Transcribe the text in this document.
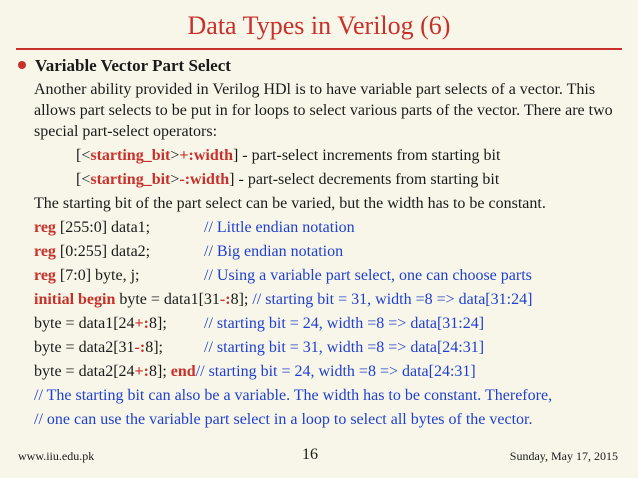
Data Types in Verilog (6)
Variable Vector Part Select
Another ability provided in Verilog HDl is to have variable part selects of a vector. This allows part selects to be put in for loops to select various parts of the vector. There are two special part-select operators:
[<starting_bit>+:width] - part-select increments from starting bit
[<starting_bit>-:width] - part-select decrements from starting bit
The starting bit of the part select can be varied, but the width has to be constant.
reg [255:0] data1;	// Little endian notation
reg [0:255] data2;	// Big endian notation
reg [7:0] byte, j;	// Using a variable part select, one can choose parts
initial begin byte = data1[31-:8]; // starting bit = 31, width =8 => data[31:24]
byte = data1[24+:8]; // starting bit = 24, width =8 => data[31:24]
byte = data2[31-:8];	// starting bit = 31, width =8 => data[24:31]
byte = data2[24+:8]; end// starting bit = 24, width =8 => data[24:31]
// The starting bit can also be a variable. The width has to be constant. Therefore,
// one can use the variable part select in a loop to select all bytes of the vector.
www.iiu.edu.pk	16	Sunday, May 17, 2015
